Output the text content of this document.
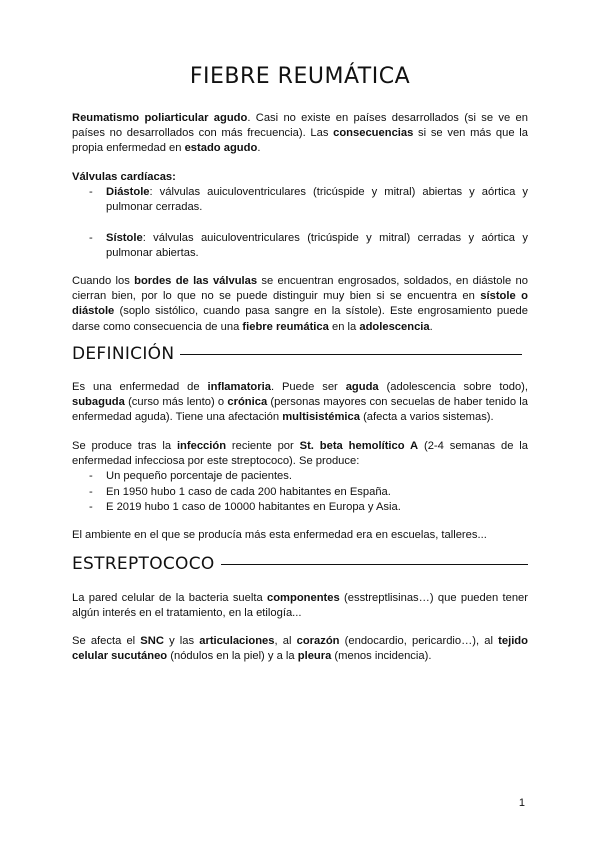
FIEBRE REUMÁTICA

Reumatismo poliarticular agudo. Casi no existe en países desarrollados (si se ve en países no desarrollados con más frecuencia). Las consecuencias si se ven más que la propia enfermedad en estado agudo.

Válvulas cardíacas:
- Diástole: válvulas auiculoventriculares (tricúspide y mitral) abiertas y aórtica y pulmonar cerradas.
- Sístole: válvulas auiculoventriculares (tricúspide y mitral) cerradas y aórtica y pulmonar abiertas.

Cuando los bordes de las válvulas se encuentran engrosados, soldados, en diástole no cierran bien, por lo que no se puede distinguir muy bien si se encuentra en sístole o diástole (soplo sistólico, cuando pasa sangre en la sístole). Este engrosamiento puede darse como consecuencia de una fiebre reumática en la adolescencia.

DEFINICIÓN

Es una enfermedad de inflamatoria. Puede ser aguda (adolescencia sobre todo), subaguda (curso más lento) o crónica (personas mayores con secuelas de haber tenido la enfermedad aguda). Tiene una afectación multisistémica (afecta a varios sistemas).

Se produce tras la infección reciente por St. beta hemolítico A (2-4 semanas de la enfermedad infecciosa por este streptococo). Se produce:

- Un pequeño porcentaje de pacientes.
- En 1950 hubo 1 caso de cada 200 habitantes en España.
- E 2019 hubo 1 caso de 10000 habitantes en Europa y Asia.

El ambiente en el que se producía más esta enfermedad era en escuelas, talleres...

ESTREPTOCOCO

La pared celular de la bacteria suelta componentes (esstreptlisinas…) que pueden tener algún interés en el tratamiento, en la etilogía...

Se afecta el SNC y las articulaciones, al corazón (endocardio, pericardio…), al tejido celular sucutáneo (nódulos en la piel) y a la pleura (menos incidencia).

1
